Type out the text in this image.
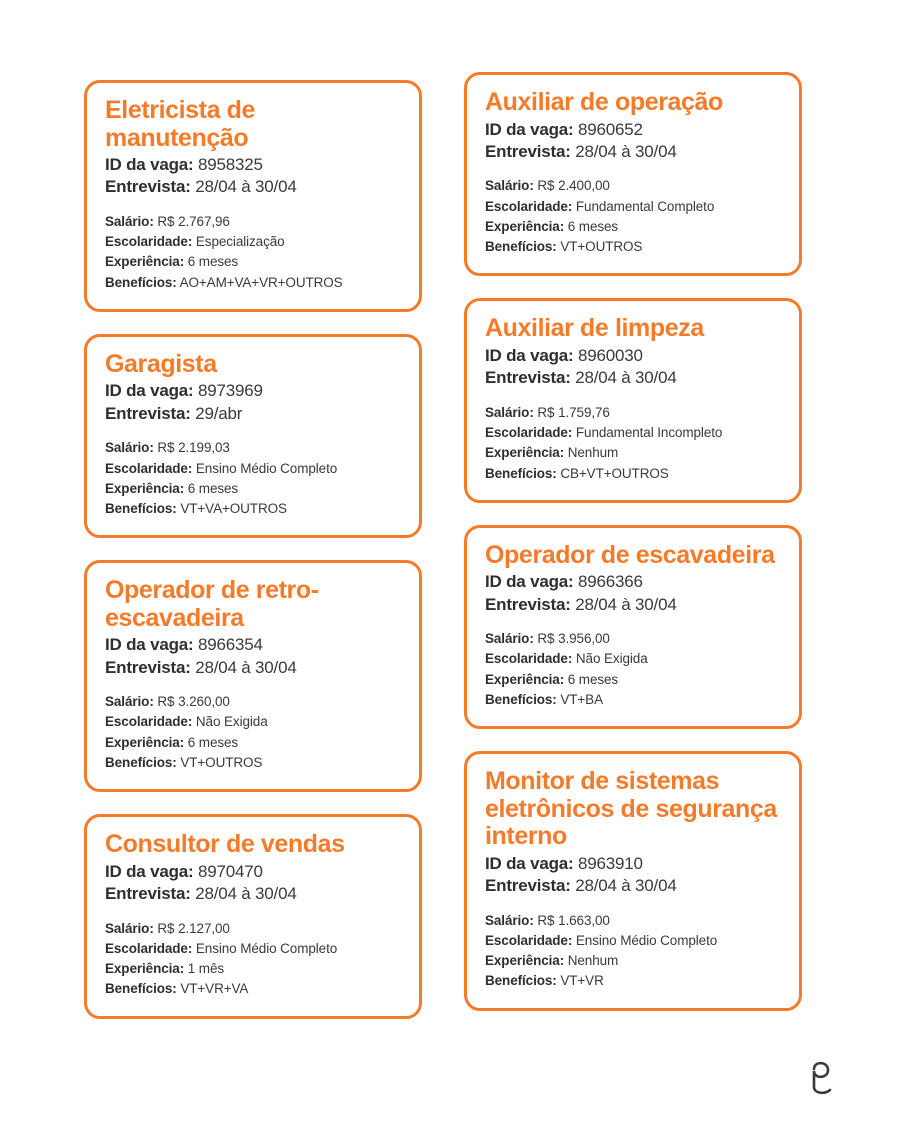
Eletricista de manutenção
ID da vaga: 8958325
Entrevista: 28/04 à 30/04
Salário: R$ 2.767,96
Escolaridade: Especialização
Experiência: 6 meses
Benefícios: AO+AM+VA+VR+OUTROS
Garagista
ID da vaga: 8973969
Entrevista: 29/abr
Salário: R$ 2.199,03
Escolaridade: Ensino Médio Completo
Experiência: 6 meses
Benefícios: VT+VA+OUTROS
Operador de retro-escavadeira
ID da vaga: 8966354
Entrevista: 28/04 à 30/04
Salário: R$ 3.260,00
Escolaridade: Não Exigida
Experiência: 6 meses
Benefícios: VT+OUTROS
Consultor de vendas
ID da vaga: 8970470
Entrevista: 28/04 à 30/04
Salário: R$ 2.127,00
Escolaridade: Ensino Médio Completo
Experiência: 1 mês
Benefícios: VT+VR+VA
Auxiliar de operação
ID da vaga: 8960652
Entrevista: 28/04 à 30/04
Salário: R$ 2.400,00
Escolaridade: Fundamental Completo
Experiência: 6 meses
Benefícios: VT+OUTROS
Auxiliar de limpeza
ID da vaga: 8960030
Entrevista: 28/04 à 30/04
Salário: R$ 1.759,76
Escolaridade: Fundamental Incompleto
Experiência: Nenhum
Benefícios: CB+VT+OUTROS
Operador de escavadeira
ID da vaga: 8966366
Entrevista: 28/04 à 30/04
Salário: R$ 3.956,00
Escolaridade: Não Exigida
Experiência: 6 meses
Benefícios: VT+BA
Monitor de sistemas eletrônicos de segurança interno
ID da vaga: 8963910
Entrevista: 28/04 à 30/04
Salário: R$ 1.663,00
Escolaridade: Ensino Médio Completo
Experiência: Nenhum
Benefícios: VT+VR
